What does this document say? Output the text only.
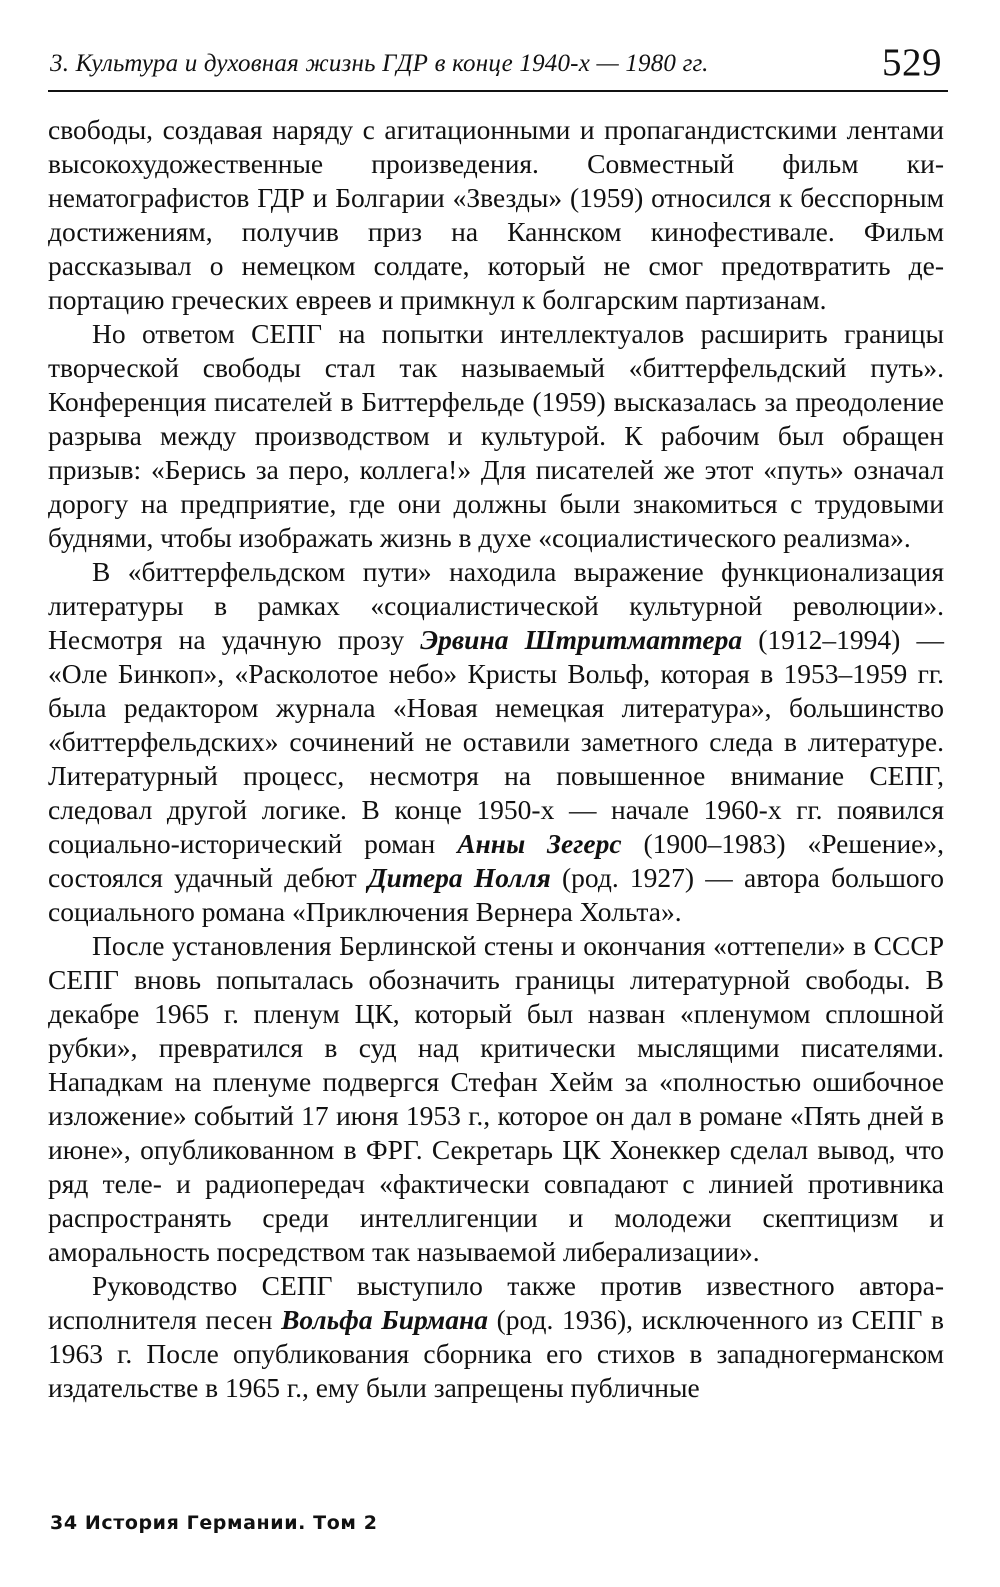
3. Культура и духовная жизнь ГДР в конце 1940-х — 1980 гг.	529

свободы, создавая наряду с агитационными и пропагандистскими лентами высокохудожественные произведения. Совместный фильм кинематографистов ГДР и Болгарии «Звезды» (1959) относился к бесспорным достижениям, получив приз на Каннском кинофестивале. Фильм рассказывал о немецком солдате, который не смог предотвратить депортацию греческих евреев и примкнул к болгарским партизанам.

Но ответом СЕПГ на попытки интеллектуалов расширить границы творческой свободы стал так называемый «биттерфельдский путь». Конференция писателей в Биттерфельде (1959) высказалась за преодоление разрыва между производством и культурой. К рабочим был обращен призыв: «Берись за перо, коллега!» Для писателей же этот «путь» означал дорогу на предприятие, где они должны были знакомиться с трудовыми буднями, чтобы изображать жизнь в духе «социалистического реализма».

В «биттерфельдском пути» находила выражение функционализация литературы в рамках «социалистической культурной революции». Несмотря на удачную прозу Эрвина Штритматтера (1912–1994) — «Оле Бинкоп», «Расколотое небо» Кристы Вольф, которая в 1953–1959 гг. была редактором журнала «Новая немецкая литература», большинство «биттерфельдских» сочинений не оставили заметного следа в литературе. Литературный процесс, несмотря на повышенное внимание СЕПГ, следовал другой логике. В конце 1950-х — начале 1960-х гг. появился социально-исторический роман Анны Зегерс (1900–1983) «Решение», состоялся удачный дебют Дитера Нолля (род. 1927) — автора большого социального романа «Приключения Вернера Хольта».

После установления Берлинской стены и окончания «оттепели» в СССР СЕПГ вновь попыталась обозначить границы литературной свободы. В декабре 1965 г. пленум ЦК, который был назван «пленумом сплошной рубки», превратился в суд над критически мыслящими писателями. Нападкам на пленуме подвергся Стефан Хейм за «полностью ошибочное изложение» событий 17 июня 1953 г., которое он дал в романе «Пять дней в июне», опубликованном в ФРГ. Секретарь ЦК Хонеккер сделал вывод, что ряд теле- и радиопередач «фактически совпадают с линией противника распространять среди интеллигенции и молодежи скептицизм и аморальность посредством так называемой либерализации».

Руководство СЕПГ выступило также против известного автора-исполнителя песен Вольфа Бирмана (род. 1936), исключенного из СЕПГ в 1963 г. После опубликования сборника его стихов в западногерманском издательстве в 1965 г., ему были запрещены публичные

34 История Германии. Том 2
